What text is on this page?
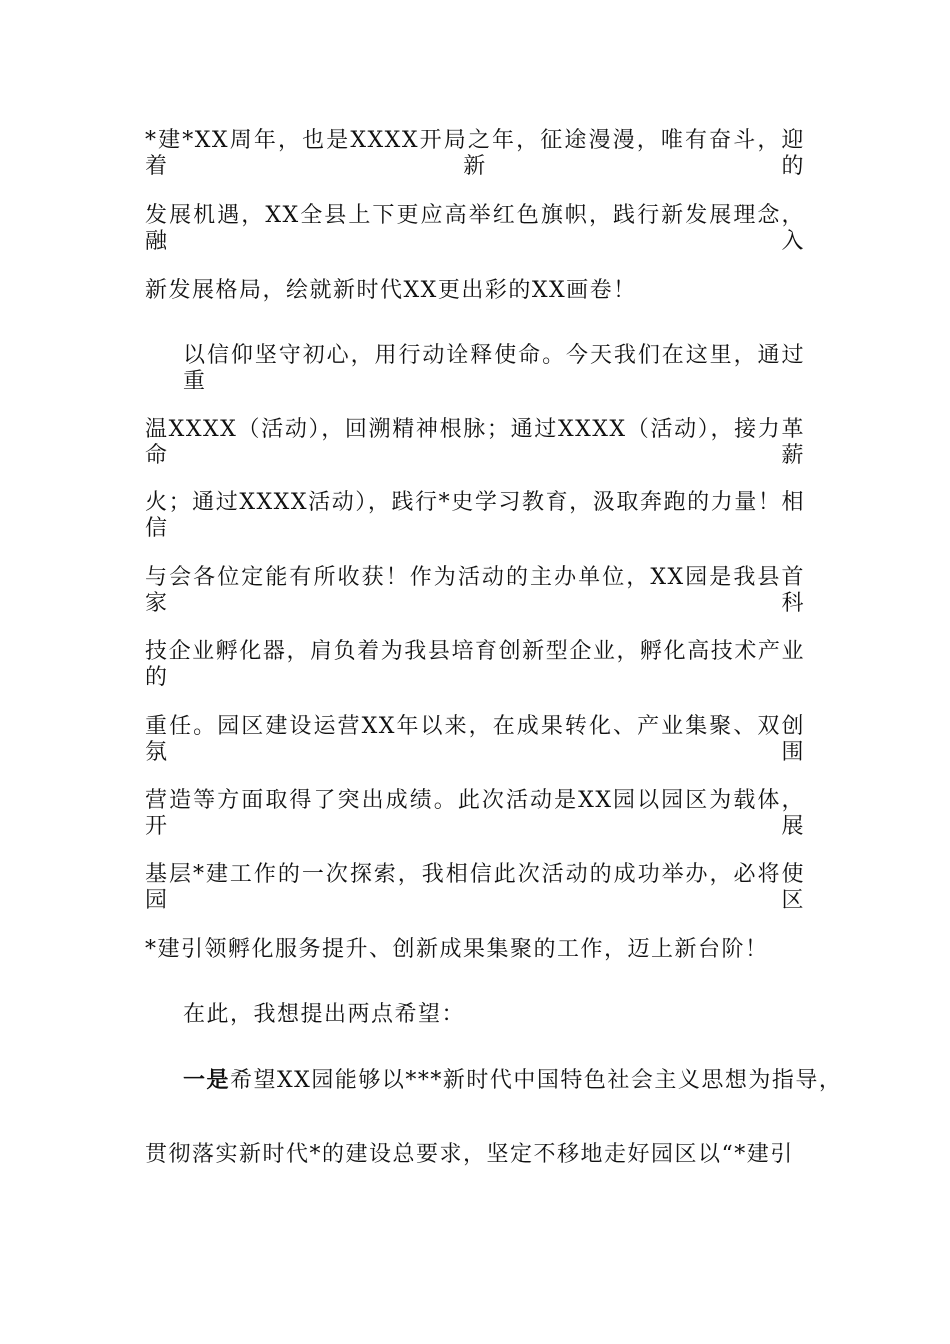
*建*XX周年，也是XXXX开局之年，征途漫漫，唯有奋斗，迎着新的
发展机遇，XX全县上下更应高举红色旗帜，践行新发展理念，融入
新发展格局，绘就新时代XX更出彩的XX画卷！
以信仰坚守初心，用行动诠释使命。今天我们在这里，通过重
温XXXX（活动），回溯精神根脉；通过XXXX（活动），接力革命薪
火；通过XXXX活动），践行*史学习教育，汲取奔跑的力量！相信
与会各位定能有所收获！作为活动的主办单位，XX园是我县首家科
技企业孵化器，肩负着为我县培育创新型企业，孵化高技术产业的
重任。园区建设运营XX年以来，在成果转化、产业集聚、双创氛围
营造等方面取得了突出成绩。此次活动是XX园以园区为载体，开展
基层*建工作的一次探索，我相信此次活动的成功举办，必将使园区
*建引领孵化服务提升、创新成果集聚的工作，迈上新台阶！
在此，我想提出两点希望：
一是希望XX园能够以***新时代中国特色社会主义思想为指导，
贯彻落实新时代*的建设总要求，坚定不移地走好园区以“*建引
